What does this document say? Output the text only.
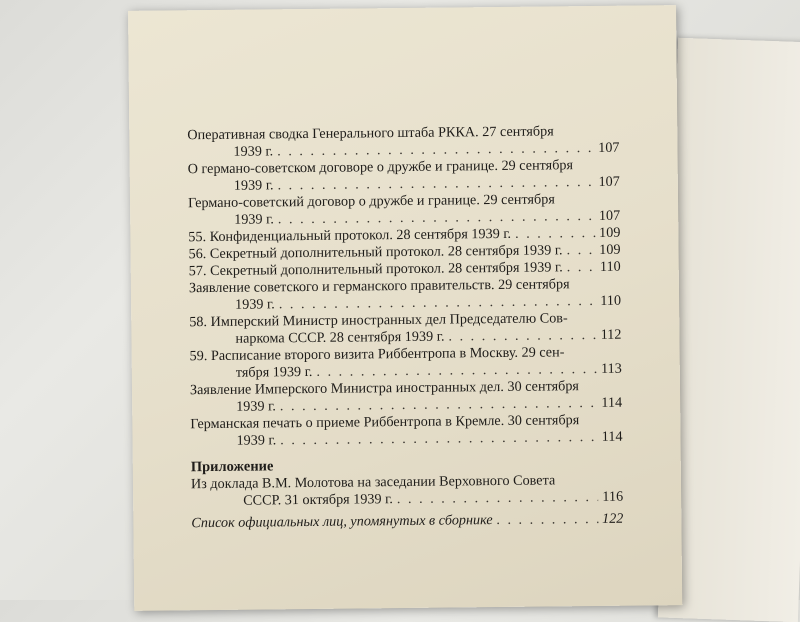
Оперативная сводка Генерального штаба РККА. 27 сентября
1939 г. . . .	107
О германо-советском договоре о дружбе и границе. 29 сентября
1939 г. . . .	107
Германо-советский договор о дружбе и границе. 29 сентября
1939 г. . . .	107
55. Конфиденциальный протокол. 28 сентября 1939 г. . . .	109
56. Секретный дополнительный протокол. 28 сентября 1939 г. . . .	109
57. Секретный дополнительный протокол. 28 сентября 1939 г. . . .	110
Заявление советского и германского правительств. 29 сентября
1939 г. . . .	110
58. Имперский Министр иностранных дел Председателю Сов-
наркома СССР. 28 сентября 1939 г. . . .	112
59. Расписание второго визита Риббентропа в Москву. 29 сен-
тября 1939 г. . . .	113
Заявление Имперского Министра иностранных дел. 30 сентября
1939 г. . . .	114
Германская печать о приеме Риббентропа в Кремле. 30 сентября
1939 г. . . .	114
Приложение
Из доклада В.М. Молотова на заседании Верховного Совета
СССР. 31 октября 1939 г. . . .	116
Список официальных лиц, упомянутых в сборнике . . .	122
